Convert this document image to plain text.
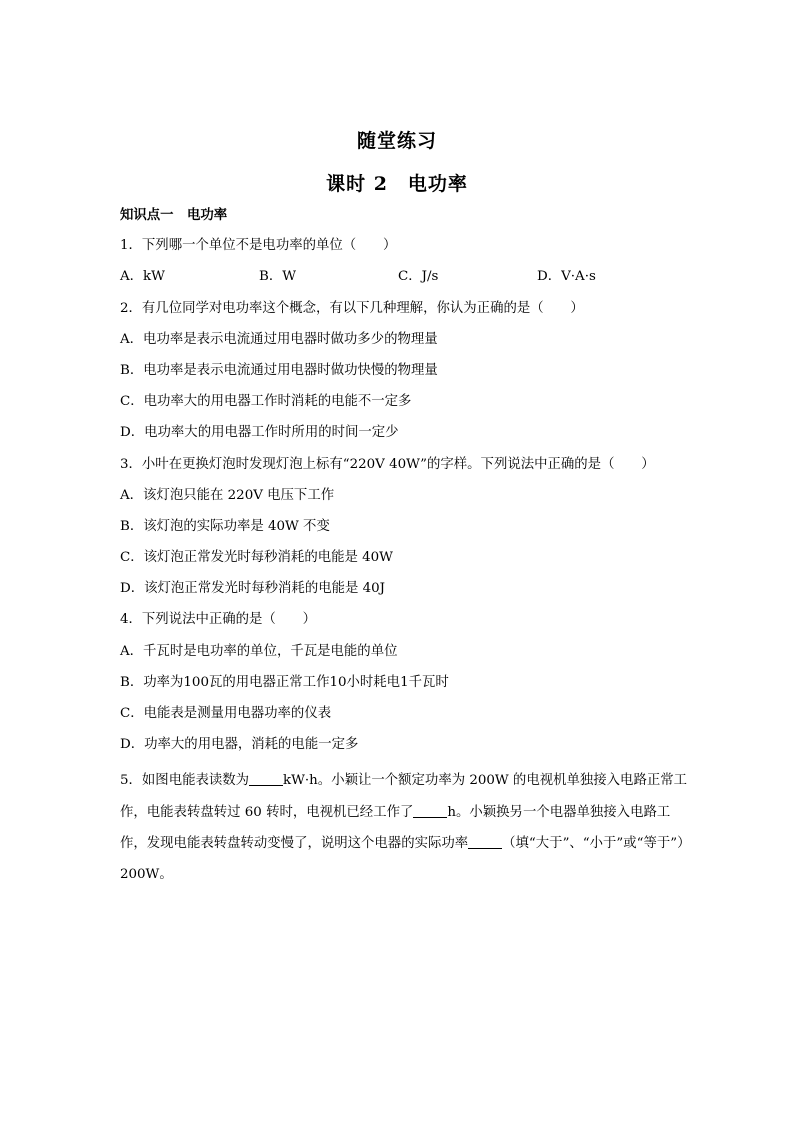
随堂练习
课时 2　电功率
知识点一　电功率
1．下列哪一个单位不是电功率的单位（　　）
A．kW	B．W	C．J/s	D．V·A·s
2．有几位同学对电功率这个概念，有以下几种理解，你认为正确的是（　　）
A．电功率是表示电流通过用电器时做功多少的物理量
B．电功率是表示电流通过用电器时做功快慢的物理量
C．电功率大的用电器工作时消耗的电能不一定多
D．电功率大的用电器工作时所用的时间一定少
3．小叶在更换灯泡时发现灯泡上标有“220V 40W”的字样。下列说法中正确的是（　　）
A．该灯泡只能在 220V 电压下工作
B．该灯泡的实际功率是 40W 不变
C．该灯泡正常发光时每秒消耗的电能是 40W
D．该灯泡正常发光时每秒消耗的电能是 40J
4．下列说法中正确的是（　　）
A．千瓦时是电功率的单位，千瓦是电能的单位
B．功率为100瓦的用电器正常工作10小时耗电1千瓦时
C．电能表是测量用电器功率的仪表
D．功率大的用电器，消耗的电能一定多
5．如图电能表读数为	kW·h。小颖让一个额定功率为 200W 的电视机单独接入电路正常工作，电能表转盘转过 60 转时，电视机已经工作了	h。小颖换另一个电器单独接入电路工作，发现电能表转盘转动变慢了，说明这个电器的实际功率	（填“大于”、“小于”或“等于”）200W。
